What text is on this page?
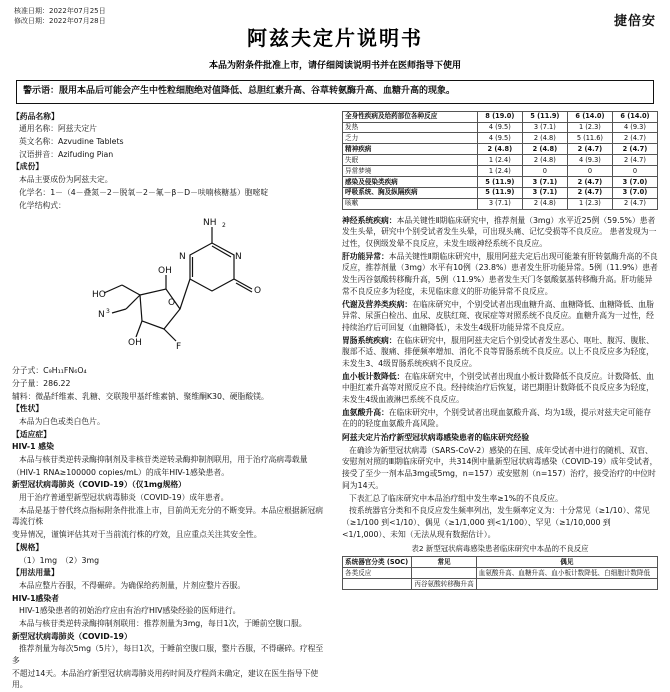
核准日期：2022年07月25日
修改日期：2022年07月28日	捷倍安
阿兹夫定片说明书
本品为附条件批准上市，请仔细阅读说明书并在医师指导下使用
警示语：服用本品后可能会产生中性粒细胞绝对值降低、总胆红素升高、谷草转氨酶升高、血糖升高的现象。
【药品名称】
通用名称：阿兹夫定片
英文名称：Azvudine Tablets
汉语拼音：Azifuding Pian
【成份】
本品主要成份为阿兹夫定。
化学名：1－（4－叠氮－2－脱氧－2－氟－β－D－呋喃核糖基）胞嘧啶
化学结构式：
NH 2
N
N
O
O
HO
OH
N 3
F
OH
分子式：C₉H₁₁FN₆O₄
分子量：286.22
辅料：微晶纤维素、乳糖、交联羧甲基纤维素钠、聚维酮K30、硬脂酸镁。
【性状】
本品为白色或类白色片。
【适应症】
HIV-1 感染
本品与核苷类逆转录酶抑制剂及非核苷类逆转录酶抑制剂联用，用于治疗高病毒载量
（HIV-1 RNA≥100000 copies/mL）的成年HIV-1感染患者。
新型冠状病毒肺炎（COVID-19）（仅1mg规格）
用于治疗普通型新型冠状病毒肺炎（COVID-19）成年患者。
本品是基于替代终点指标附条件批准上市，目前尚无充分的不断变异。本品应根据新冠病毒流行株
变异情况，谨慎评估其对于当前流行株的疗效，且应重点关注其安全性。
【规格】
（1）1mg　（2）3mg
【用法用量】
本品应整片吞服，不得碾碎。为确保给药剂量，片剂应整片吞服。
HIV-1感染者
HIV-1感染患者的初始治疗应由有治疗HIV感染经验的医师进行。
本品与核苷类逆转录酶抑制剂联用：推荐剂量为3mg，每日1次，于睡前空腹口服。
新型冠状病毒肺炎（COVID-19）
推荐剂量为每次5mg（5片），每日1次，于睡前空腹口服，整片吞服，不得碾碎。疗程至多
不超过14天。本品治疗新型冠状病毒肺炎用药时间及疗程尚未确定，建议在医生指导下使用。
全身性疾病及给药部位各种反应	8 (19.0)	5 (11.9)	6 (14.0)	6 (14.0)
发热	4 (9.5)	3 (7.1)	1 (2.3)	4 (9.3)
乏力	4 (9.5)	2 (4.8)	5 (11.6)	2 (4.7)
精神疾病	2 (4.8)	2 (4.8)	2 (4.7)	2 (4.7)
失眠	1 (2.4)	2 (4.8)	4 (9.3)	2 (4.7)
异常梦境	1 (2.4)	0	0	0
感染及侵染类疾病	5 (11.9)	3 (7.1)	2 (4.7)	3 (7.0)
呼吸系统、胸及纵隔疾病	5 (11.9)	3 (7.1)	2 (4.7)	3 (7.0)
咳嗽	3 (7.1)	2 (4.8)	1 (2.3)	2 (4.7)
神经系统疾病：本品关键性Ⅱ期临床研究中，推荐剂量（3mg）水平近25例（59.5%）患者发生头晕，研究中个别受试者发生头晕，可出现头痛、记忆受损等不良反应。 患者发现为一过性，仅例级发晕不良反应，未发生I级神经系统不良反应。
肝功能异常：本品关键性Ⅱ期临床研究中，服用阿兹夫定后出现可能兼有肝转氨酶升高的不良反应，推荐剂量（3mg）水平有10例（23.8%）患者发生肝功能异常。5例（11.9%）患者发生丙谷氨酸转移酶升高，5例（11.9%）患者发生天门冬氨酸氨基转移酶升高。肝功能异常不良反应多为轻度，未见临床意义的肝功能异常不良反应。
代谢及营养类疾病：在临床研究中，个别受试者出现血糖升高、血糖降低、血糖降低、血脂异常、尿蛋白检出、血尿、皮肤红斑、夜尿症等对照系统不良反应。血糖升高为一过性，经持续治疗后可回复（血糖降低），未发生4级肝功能异常不良反应。
胃肠系统疾病：在临床研究中，服用阿兹夫定后个别受试者发生恶心、呕吐、腹泻、腹胀、腹部不适、腹痛、排便频率增加、消化不良等胃肠系统不良反应。以上不良反应多为轻度，未发生3、4级胃肠系统疾病不良反应。
血小板计数降低：在临床研究中，个别受试者出现血小板计数降低不良反应。计数降低、血中胆红素升高等对照反应不良。经持续治疗后恢复，诺巴期胆计数降低不良反应多为轻度，未发生4级血液淋巴系统不良反应。
血氨酸升高：在临床研究中，个别受试者出现血氨酸升高、均为1级，提示对兹夫定可能存在的的轻度血氨酸升高风险。
阿兹夫定片治疗新型冠状病毒感染患者的临床研究经验
在确诊为新型冠状病毒（SARS-CoV-2）感染的在国、成年受试者中进行的随机、双盲、安慰剂对照的Ⅲ期临床研究中，共314例中量新型冠状病毒感染（COVID-19）成年受试者，接受了至少一剂本品3mg或5mg，n=157）或安慰剂（n=157）治疗，接受治疗的中位时间为14天。
下表汇总了临床研究中本品治疗组中发生率≥1%的不良反应。
按系统器官分类和不良反应发生频率列出，发生频率定义为：十分常见（≥1/10）、常见（≥1/100 到<1/10）、偶见（≥1/1,000 到<1/100）、罕见（≥1/10,000 到<1/1,000）、未知（无法从现有数据估计）。
表2 新型冠状病毒感染患者临床研究中本品的不良反应
系统器官分类 (SOC)	常见	偶见
各类反应		血氨酸升高、血糖升高、血小板计数降低、白细胞计数降低
	丙谷氨酸转移酶升高	
